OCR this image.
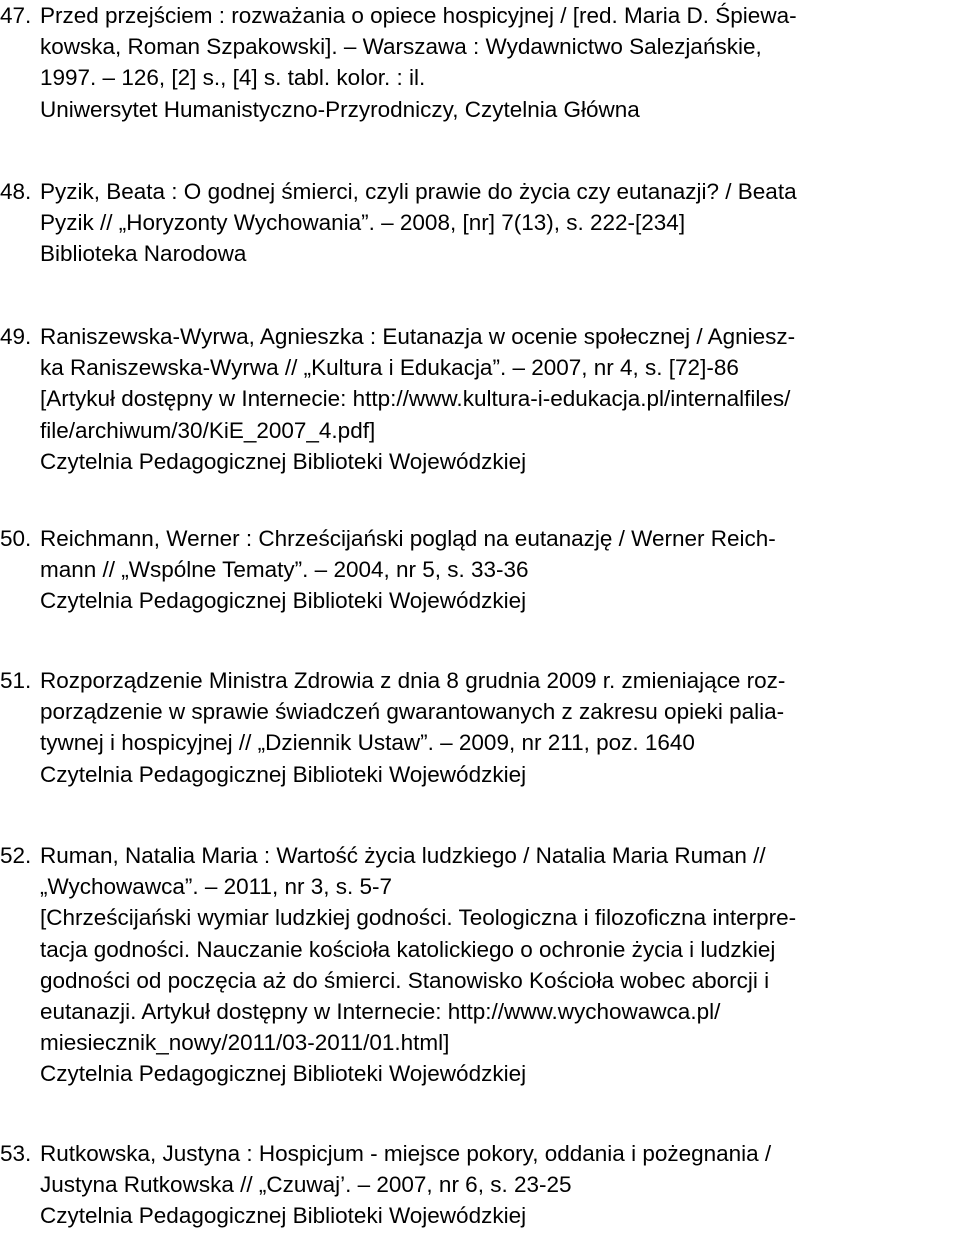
47. Przed przejściem : rozważania o opiece hospicyjnej / [red. Maria D. Śpiewa-
kowska, Roman Szpakowski]. – Warszawa : Wydawnictwo Salezjańskie,
1997. – 126, [2] s., [4] s. tabl. kolor. : il.
Uniwersytet Humanistyczno-Przyrodniczy, Czytelnia Główna
48. Pyzik, Beata : O godnej śmierci, czyli prawie do życia czy eutanazji? / Beata
Pyzik // „Horyzonty Wychowania”. – 2008, [nr] 7(13), s. 222-[234]
Biblioteka Narodowa
49. Raniszewska-Wyrwa, Agnieszka : Eutanazja w ocenie społecznej / Agniesz-
ka Raniszewska-Wyrwa // „Kultura i Edukacja”. – 2007, nr 4, s. [72]-86
[Artykuł dostępny w Internecie: http://www.kultura-i-edukacja.pl/internalfiles/
file/archiwum/30/KiE_2007_4.pdf]
Czytelnia Pedagogicznej Biblioteki Wojewódzkiej
50. Reichmann, Werner : Chrześcijański pogląd na eutanazję / Werner Reich-
mann // „Wspólne Tematy”. – 2004, nr 5, s. 33-36
Czytelnia Pedagogicznej Biblioteki Wojewódzkiej
51. Rozporządzenie Ministra Zdrowia z dnia 8 grudnia 2009 r. zmieniające roz-
porządzenie w sprawie świadczeń gwarantowanych z zakresu opieki palia-
tywnej i hospicyjnej // „Dziennik Ustaw”. – 2009, nr 211, poz. 1640
Czytelnia Pedagogicznej Biblioteki Wojewódzkiej
52. Ruman, Natalia Maria : Wartość życia ludzkiego / Natalia Maria Ruman //
„Wychowawca”. – 2011, nr 3, s. 5-7
[Chrześcijański wymiar ludzkiej godności. Teologiczna i filozoficzna interpre-
tacja godności. Nauczanie kościoła katolickiego o ochronie życia i ludzkiej
godności od poczęcia aż do śmierci. Stanowisko Kościoła wobec aborcji i
eutanazji. Artykuł dostępny w Internecie: http://www.wychowawca.pl/
miesiecznik_nowy/2011/03-2011/01.html]
Czytelnia Pedagogicznej Biblioteki Wojewódzkiej
53. Rutkowska, Justyna : Hospicjum - miejsce pokory, oddania i pożegnania /
Justyna Rutkowska // „Czuwaj’. – 2007, nr 6, s. 23-25
Czytelnia Pedagogicznej Biblioteki Wojewódzkiej
